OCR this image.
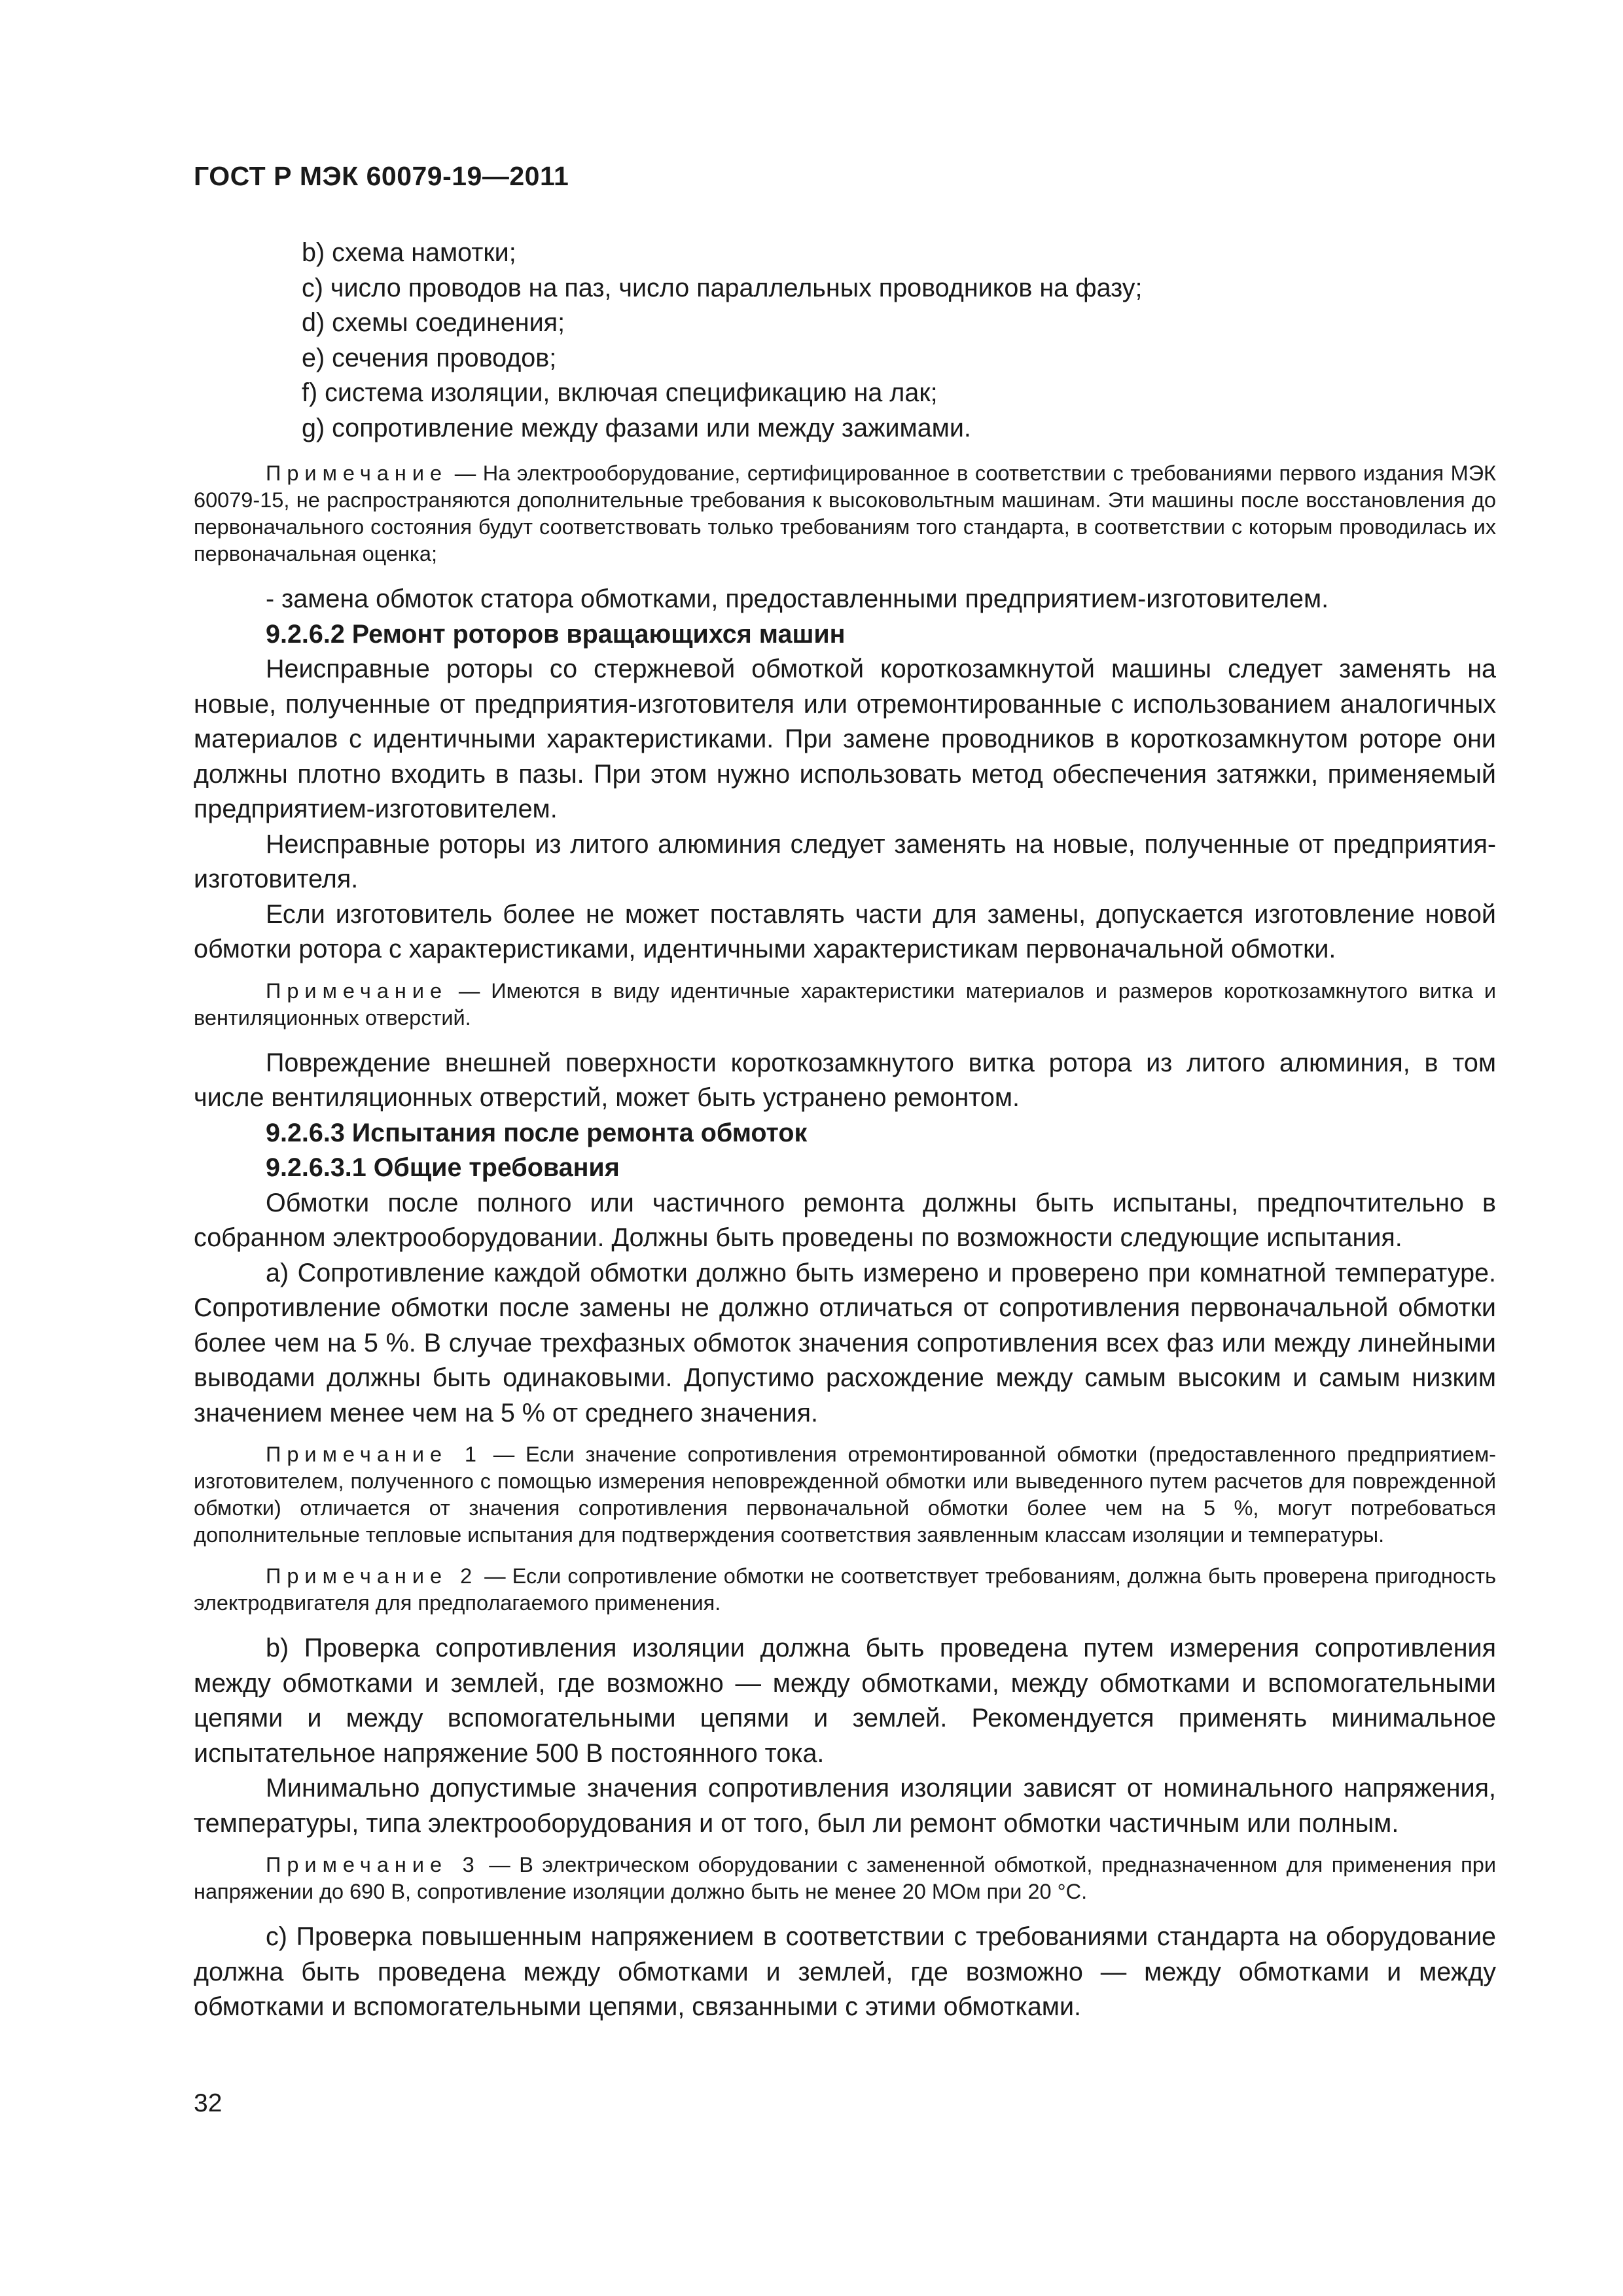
ГОСТ Р МЭК 60079-19—2011

b) схема намотки;

c) число проводов на паз, число параллельных проводников на фазу;

d) схемы соединения;

e) сечения проводов;

f) система изоляции, включая спецификацию на лак;

g) сопротивление между фазами или между зажимами.

Примечание — На электрооборудование, сертифицированное в соответствии с требованиями первого издания МЭК 60079-15, не распространяются дополнительные требования к высоковольтным машинам. Эти машины после восстановления до первоначального состояния будут соответствовать только требованиям того стандарта, в соответствии с которым проводилась их первоначальная оценка;

- замена обмоток статора обмотками, предоставленными предприятием-изготовителем.

9.2.6.2 Ремонт роторов вращающихся машин

Неисправные роторы со стержневой обмоткой короткозамкнутой машины следует заменять на новые, полученные от предприятия-изготовителя или отремонтированные с использованием аналогичных материалов с идентичными характеристиками. При замене проводников в короткозамкнутом роторе они должны плотно входить в пазы. При этом нужно использовать метод обеспечения затяжки, применяемый предприятием-изготовителем.

Неисправные роторы из литого алюминия следует заменять на новые, полученные от предприятия-изготовителя.

Если изготовитель более не может поставлять части для замены, допускается изготовление новой обмотки ротора с характеристиками, идентичными характеристикам первоначальной обмотки.

Примечание — Имеются в виду идентичные характеристики материалов и размеров короткозамкнутого витка и вентиляционных отверстий.

Повреждение внешней поверхности короткозамкнутого витка ротора из литого алюминия, в том числе вентиляционных отверстий, может быть устранено ремонтом.

9.2.6.3 Испытания после ремонта обмоток

9.2.6.3.1 Общие требования

Обмотки после полного или частичного ремонта должны быть испытаны, предпочтительно в собранном электрооборудовании. Должны быть проведены по возможности следующие испытания.

а) Сопротивление каждой обмотки должно быть измерено и проверено при комнатной температуре. Сопротивление обмотки после замены не должно отличаться от сопротивления первоначальной обмотки более чем на 5 %. В случае трехфазных обмоток значения сопротивления всех фаз или между линейными выводами должны быть одинаковыми. Допустимо расхождение между самым высоким и самым низким значением менее чем на 5 % от среднего значения.

Примечание 1 — Если значение сопротивления отремонтированной обмотки (предоставленного предприятием-изготовителем, полученного с помощью измерения неповрежденной обмотки или выведенного путем расчетов для поврежденной обмотки) отличается от значения сопротивления первоначальной обмотки более чем на 5 %, могут потребоваться дополнительные тепловые испытания для подтверждения соответствия заявленным классам изоляции и температуры.

Примечание 2 — Если сопротивление обмотки не соответствует требованиям, должна быть проверена пригодность электродвигателя для предполагаемого применения.

b) Проверка сопротивления изоляции должна быть проведена путем измерения сопротивления между обмотками и землей, где возможно — между обмотками, между обмотками и вспомогательными цепями и между вспомогательными цепями и землей. Рекомендуется применять минимальное испытательное напряжение 500 В постоянного тока.

Минимально допустимые значения сопротивления изоляции зависят от номинального напряжения, температуры, типа электрооборудования и от того, был ли ремонт обмотки частичным или полным.

Примечание 3 — В электрическом оборудовании с замененной обмоткой, предназначенном для применения при напряжении до 690 В, сопротивление изоляции должно быть не менее 20 МОм при 20 °С.

с) Проверка повышенным напряжением в соответствии с требованиями стандарта на оборудование должна быть проведена между обмотками и землей, где возможно — между обмотками и между обмотками и вспомогательными цепями, связанными с этими обмотками.

32
